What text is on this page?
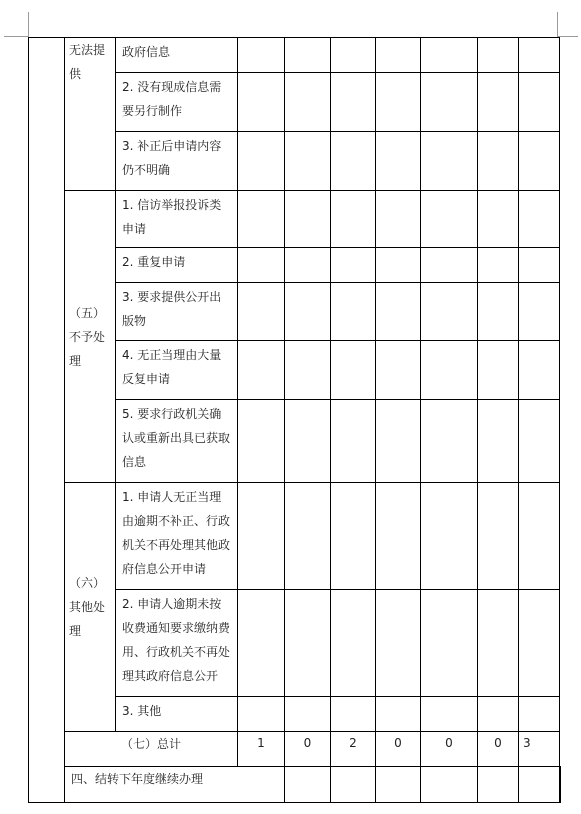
	无法提供	政府信息								
		2. 没有现成信息需要另行制作								
		3. 补正后申请内容仍不明确								
	（五）不予处理	1. 信访举报投诉类申请								
		2. 重复申请								
		3. 要求提供公开出版物								
		4. 无正当理由大量反复申请								
		5. 要求行政机关确认或重新出具已获取信息								
	（六）其他处理	1. 申请人无正当理由逾期不补正、行政机关不再处理其他政府信息公开申请								
		2. 申请人逾期未按收费通知要求缴纳费用、行政机关不再处理其政府信息公开								
		3. 其他								
	（七）总计		1	0	2	0	0	0	3	

	四、结转下年度继续办理									
